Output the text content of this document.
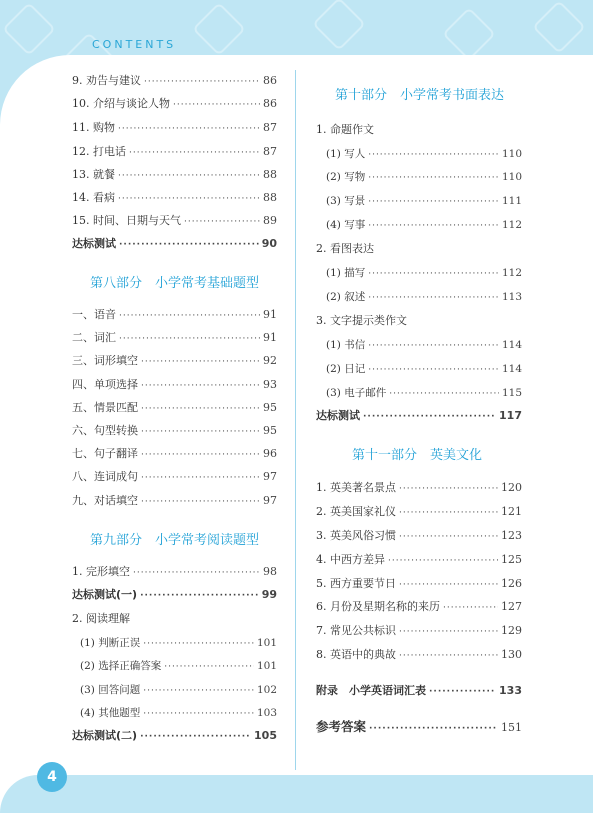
CONTENTS
4
9. 劝告与建议 ·····	86
10. 介绍与谈论人物 ·····	86
11. 购物 ·····	87
12. 打电话 ·····	87
13. 就餐 ·····	88
14. 看病 ·····	88
15. 时间、日期与天气 ·····	89
达标测试 ·····	90
第八部分　小学常考基础题型
一、语音 ·····	91
二、词汇 ·····	91
三、词形填空 ·····	92
四、单项选择 ·····	93
五、情景匹配 ·····	95
六、句型转换 ·····	95
七、句子翻译 ·····	96
八、连词成句 ·····	97
九、对话填空 ·····	97
第九部分　小学常考阅读题型
1. 完形填空 ·····	98
达标测试(一) ·····	99
2. 阅读理解
(1) 判断正误 ·····	101
(2) 选择正确答案 ·····	101
(3) 回答问题 ·····	102
(4) 其他题型 ·····	103
达标测试(二) ·····	105
第十部分　小学常考书面表达
1. 命题作文
(1) 写人 ·····	110
(2) 写物 ·····	110
(3) 写景 ·····	111
(4) 写事 ·····	112
2. 看图表达
(1) 描写 ·····	112
(2) 叙述 ·····	113
3. 文字提示类作文
(1) 书信 ·····	114
(2) 日记 ·····	114
(3) 电子邮件 ·····	115
达标测试 ·····	117
第十一部分　英美文化
1. 英美著名景点 ·····	120
2. 英美国家礼仪 ·····	121
3. 英美风俗习惯 ·····	123
4. 中西方差异 ·····	125
5. 西方重要节日 ·····	126
6. 月份及星期名称的来历 ·····	127
7. 常见公共标识 ·····	129
8. 英语中的典故 ·····	130
附录　小学英语词汇表 ·····	133
参考答案 ·····	151
